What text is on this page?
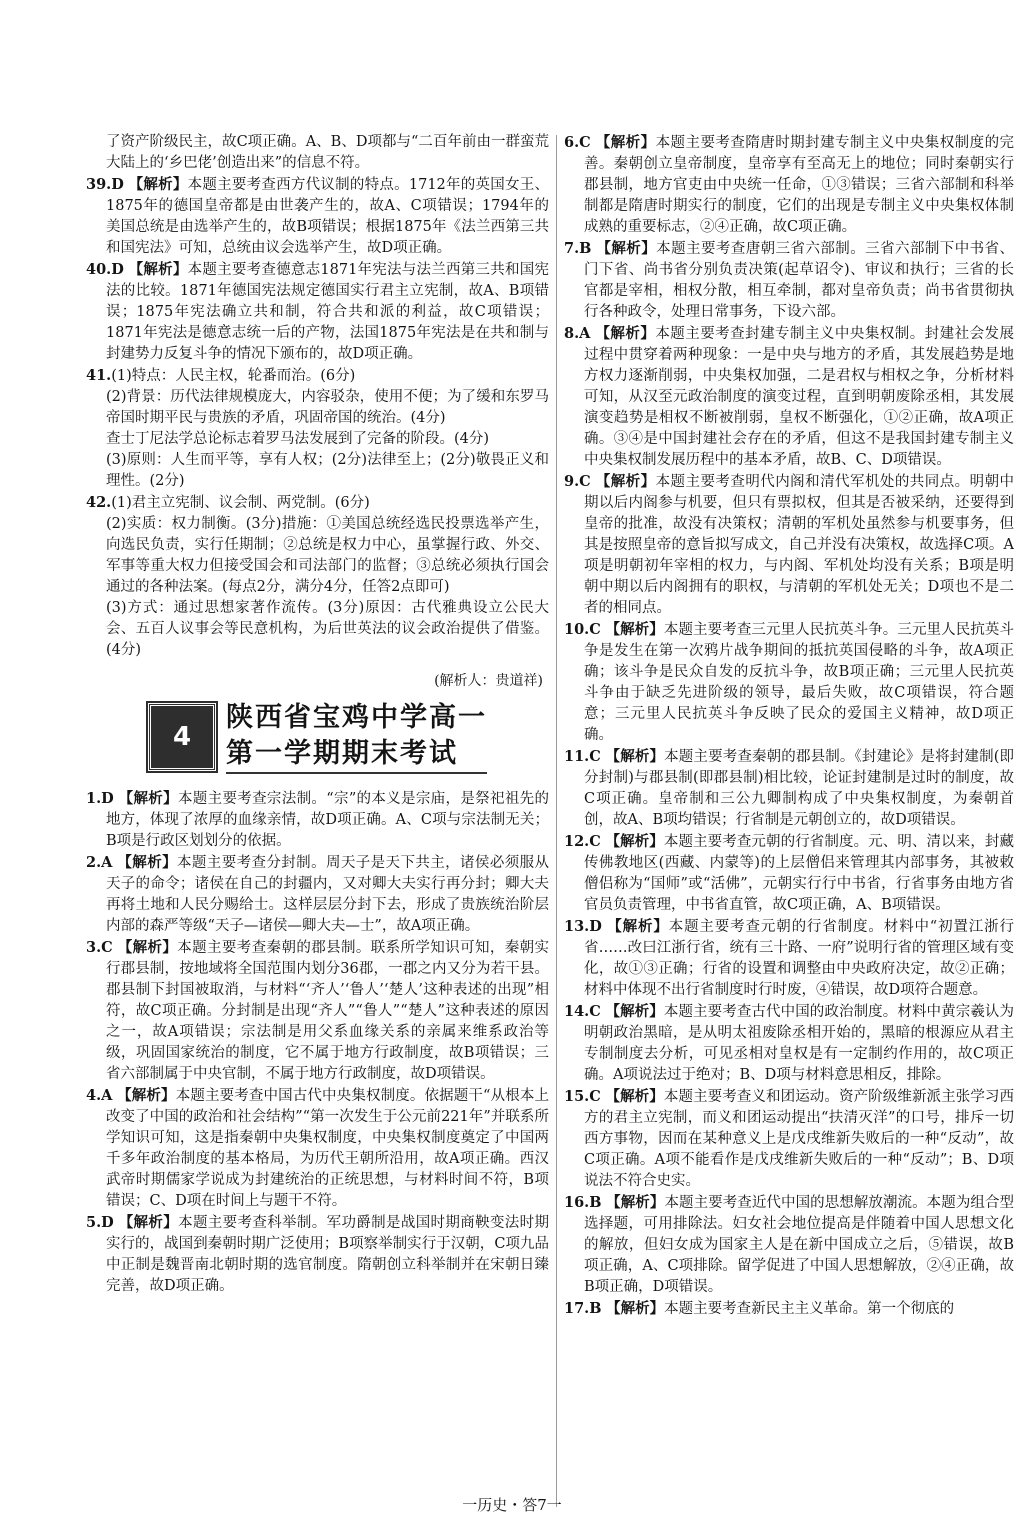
了资产阶级民主，故C项正确。A、B、D项都与“二百年前由一群蛮荒大陆上的‘乡巴佬’创造出来”的信息不符。

39.D 【解析】本题主要考查西方代议制的特点。1712年的英国女王、1875年的德国皇帝都是由世袭产生的，故A、C项错误；1794年的美国总统是由选举产生的，故B项错误；根据1875年《法兰西第三共和国宪法》可知，总统由议会选举产生，故D项正确。

40.D 【解析】本题主要考查德意志1871年宪法与法兰西第三共和国宪法的比较。1871年德国宪法规定德国实行君主立宪制，故A、B项错误；1875年宪法确立共和制，符合共和派的利益，故C项错误；1871年宪法是德意志统一后的产物，法国1875年宪法是在共和制与封建势力反复斗争的情况下颁布的，故D项正确。

41.(1)特点：人民主权，轮番而治。(6分)

(2)背景：历代法律规模庞大，内容驳杂，使用不便；为了缓和东罗马帝国时期平民与贵族的矛盾，巩固帝国的统治。(4分)

查士丁尼法学总论标志着罗马法发展到了完备的阶段。(4分)

(3)原则：人生而平等，享有人权；(2分)法律至上；(2分)敬畏正义和理性。(2分)

42.(1)君主立宪制、议会制、两党制。(6分)

(2)实质：权力制衡。(3分)措施：①美国总统经选民投票选举产生，向选民负责，实行任期制；②总统是权力中心，虽掌握行政、外交、军事等重大权力但接受国会和司法部门的监督；③总统必须执行国会通过的各种法案。(每点2分，满分4分，任答2点即可)

(3)方式：通过思想家著作流传。(3分)原因：古代雅典设立公民大会、五百人议事会等民意机构，为后世英法的议会政治提供了借鉴。(4分)

(解析人：贵道祥)
4
陕西省宝鸡中学高一
第一学期期末考试

1.D 【解析】本题主要考查宗法制。“宗”的本义是宗庙，是祭祀祖先的地方，体现了浓厚的血缘亲情，故D项正确。A、C项与宗法制无关；B项是行政区划划分的依据。

2.A 【解析】本题主要考查分封制。周天子是天下共主，诸侯必须服从天子的命令；诸侯在自己的封疆内，又对卿大夫实行再分封；卿大夫再将土地和人民分赐给士。这样层层分封下去，形成了贵族统治阶层内部的森严等级“天子—诸侯—卿大夫—士”，故A项正确。

3.C 【解析】本题主要考查秦朝的郡县制。联系所学知识可知，秦朝实行郡县制，按地域将全国范围内划分36郡，一郡之内又分为若干县。郡县制下封国被取消，与材料“‘齐人’‘鲁人’‘楚人’这种表述的出现”相符，故C项正确。分封制是出现“齐人”“鲁人”“楚人”这种表述的原因之一，故A项错误；宗法制是用父系血缘关系的亲属来维系政治等级，巩固国家统治的制度，它不属于地方行政制度，故B项错误；三省六部制属于中央官制，不属于地方行政制度，故D项错误。

4.A 【解析】本题主要考查中国古代中央集权制度。依据题干“从根本上改变了中国的政治和社会结构”“第一次发生于公元前221年”并联系所学知识可知，这是指秦朝中央集权制度，中央集权制度奠定了中国两千多年政治制度的基本格局，为历代王朝所沿用，故A项正确。西汉武帝时期儒家学说成为封建统治的正统思想，与材料时间不符，B项错误；C、D项在时间上与题干不符。

5.D 【解析】本题主要考查科举制。军功爵制是战国时期商鞅变法时期实行的，战国到秦朝时期广泛使用；B项察举制实行于汉朝，C项九品中正制是魏晋南北朝时期的选官制度。隋朝创立科举制并在宋朝日臻完善，故D项正确。

6.C 【解析】本题主要考查隋唐时期封建专制主义中央集权制度的完善。秦朝创立皇帝制度，皇帝享有至高无上的地位；同时秦朝实行郡县制，地方官吏由中央统一任命，①③错误；三省六部制和科举制都是隋唐时期实行的制度，它们的出现是专制主义中央集权体制成熟的重要标志，②④正确，故C项正确。

7.B 【解析】本题主要考查唐朝三省六部制。三省六部制下中书省、门下省、尚书省分别负责决策(起草诏令)、审议和执行；三省的长官都是宰相，相权分散，相互牵制，都对皇帝负责；尚书省贯彻执行各种政令，处理日常事务，下设六部。

8.A 【解析】本题主要考查封建专制主义中央集权制。封建社会发展过程中贯穿着两种现象：一是中央与地方的矛盾，其发展趋势是地方权力逐渐削弱，中央集权加强，二是君权与相权之争，分析材料可知，从汉至元政治制度的演变过程，直到明朝废除丞相，其发展演变趋势是相权不断被削弱，皇权不断强化，①②正确，故A项正确。③④是中国封建社会存在的矛盾，但这不是我国封建专制主义中央集权制发展历程中的基本矛盾，故B、C、D项错误。

9.C 【解析】本题主要考查明代内阁和清代军机处的共同点。明朝中期以后内阁参与机要，但只有票拟权，但其是否被采纳，还要得到皇帝的批准，故没有决策权；清朝的军机处虽然参与机要事务，但其是按照皇帝的意旨拟写成文，自己并没有决策权，故选择C项。A项是明朝初年宰相的权力，与内阁、军机处均没有关系；B项是明朝中期以后内阁拥有的职权，与清朝的军机处无关；D项也不是二者的相同点。

10.C 【解析】本题主要考查三元里人民抗英斗争。三元里人民抗英斗争是发生在第一次鸦片战争期间的抵抗英国侵略的斗争，故A项正确；该斗争是民众自发的反抗斗争，故B项正确；三元里人民抗英斗争由于缺乏先进阶级的领导，最后失败，故C项错误，符合题意；三元里人民抗英斗争反映了民众的爱国主义精神，故D项正确。

11.C 【解析】本题主要考查秦朝的郡县制。《封建论》是将封建制(即分封制)与郡县制(即郡县制)相比较，论证封建制是过时的制度，故C项正确。皇帝制和三公九卿制构成了中央集权制度，为秦朝首创，故A、B项均错误；行省制是元朝创立的，故D项错误。

12.C 【解析】本题主要考查元朝的行省制度。元、明、清以来，封藏传佛教地区(西藏、内蒙等)的上层僧侣来管理其内部事务，其被敕僧侣称为“国师”或“活佛”，元朝实行行中书省，行省事务由地方省官员负责管理，中书省直管，故C项正确，A、B项错误。

13.D 【解析】本题主要考查元朝的行省制度。材料中“初置江浙行省……改曰江浙行省，统有三十路、一府”说明行省的管理区域有变化，故①③正确；行省的设置和调整由中央政府决定，故②正确；材料中体现不出行省制度时行时废，④错误，故D项符合题意。

14.C 【解析】本题主要考查古代中国的政治制度。材料中黄宗羲认为明朝政治黑暗，是从明太祖废除丞相开始的，黑暗的根源应从君主专制制度去分析，可见丞相对皇权是有一定制约作用的，故C项正确。A项说法过于绝对；B、D项与材料意思相反，排除。

15.C 【解析】本题主要考查义和团运动。资产阶级维新派主张学习西方的君主立宪制，而义和团运动提出“扶清灭洋”的口号，排斥一切西方事物，因而在某种意义上是戊戌维新失败后的一种“反动”，故C项正确。A项不能看作是戊戌维新失败后的一种“反动”；B、D项说法不符合史实。

16.B 【解析】本题主要考查近代中国的思想解放潮流。本题为组合型选择题，可用排除法。妇女社会地位提高是伴随着中国人思想文化的解放，但妇女成为国家主人是在新中国成立之后，⑤错误，故B项正确，A、C项排除。留学促进了中国人思想解放，②④正确，故B项正确，D项错误。

17.B 【解析】本题主要考查新民主主义革命。第一个彻底的

一历史・答7一
